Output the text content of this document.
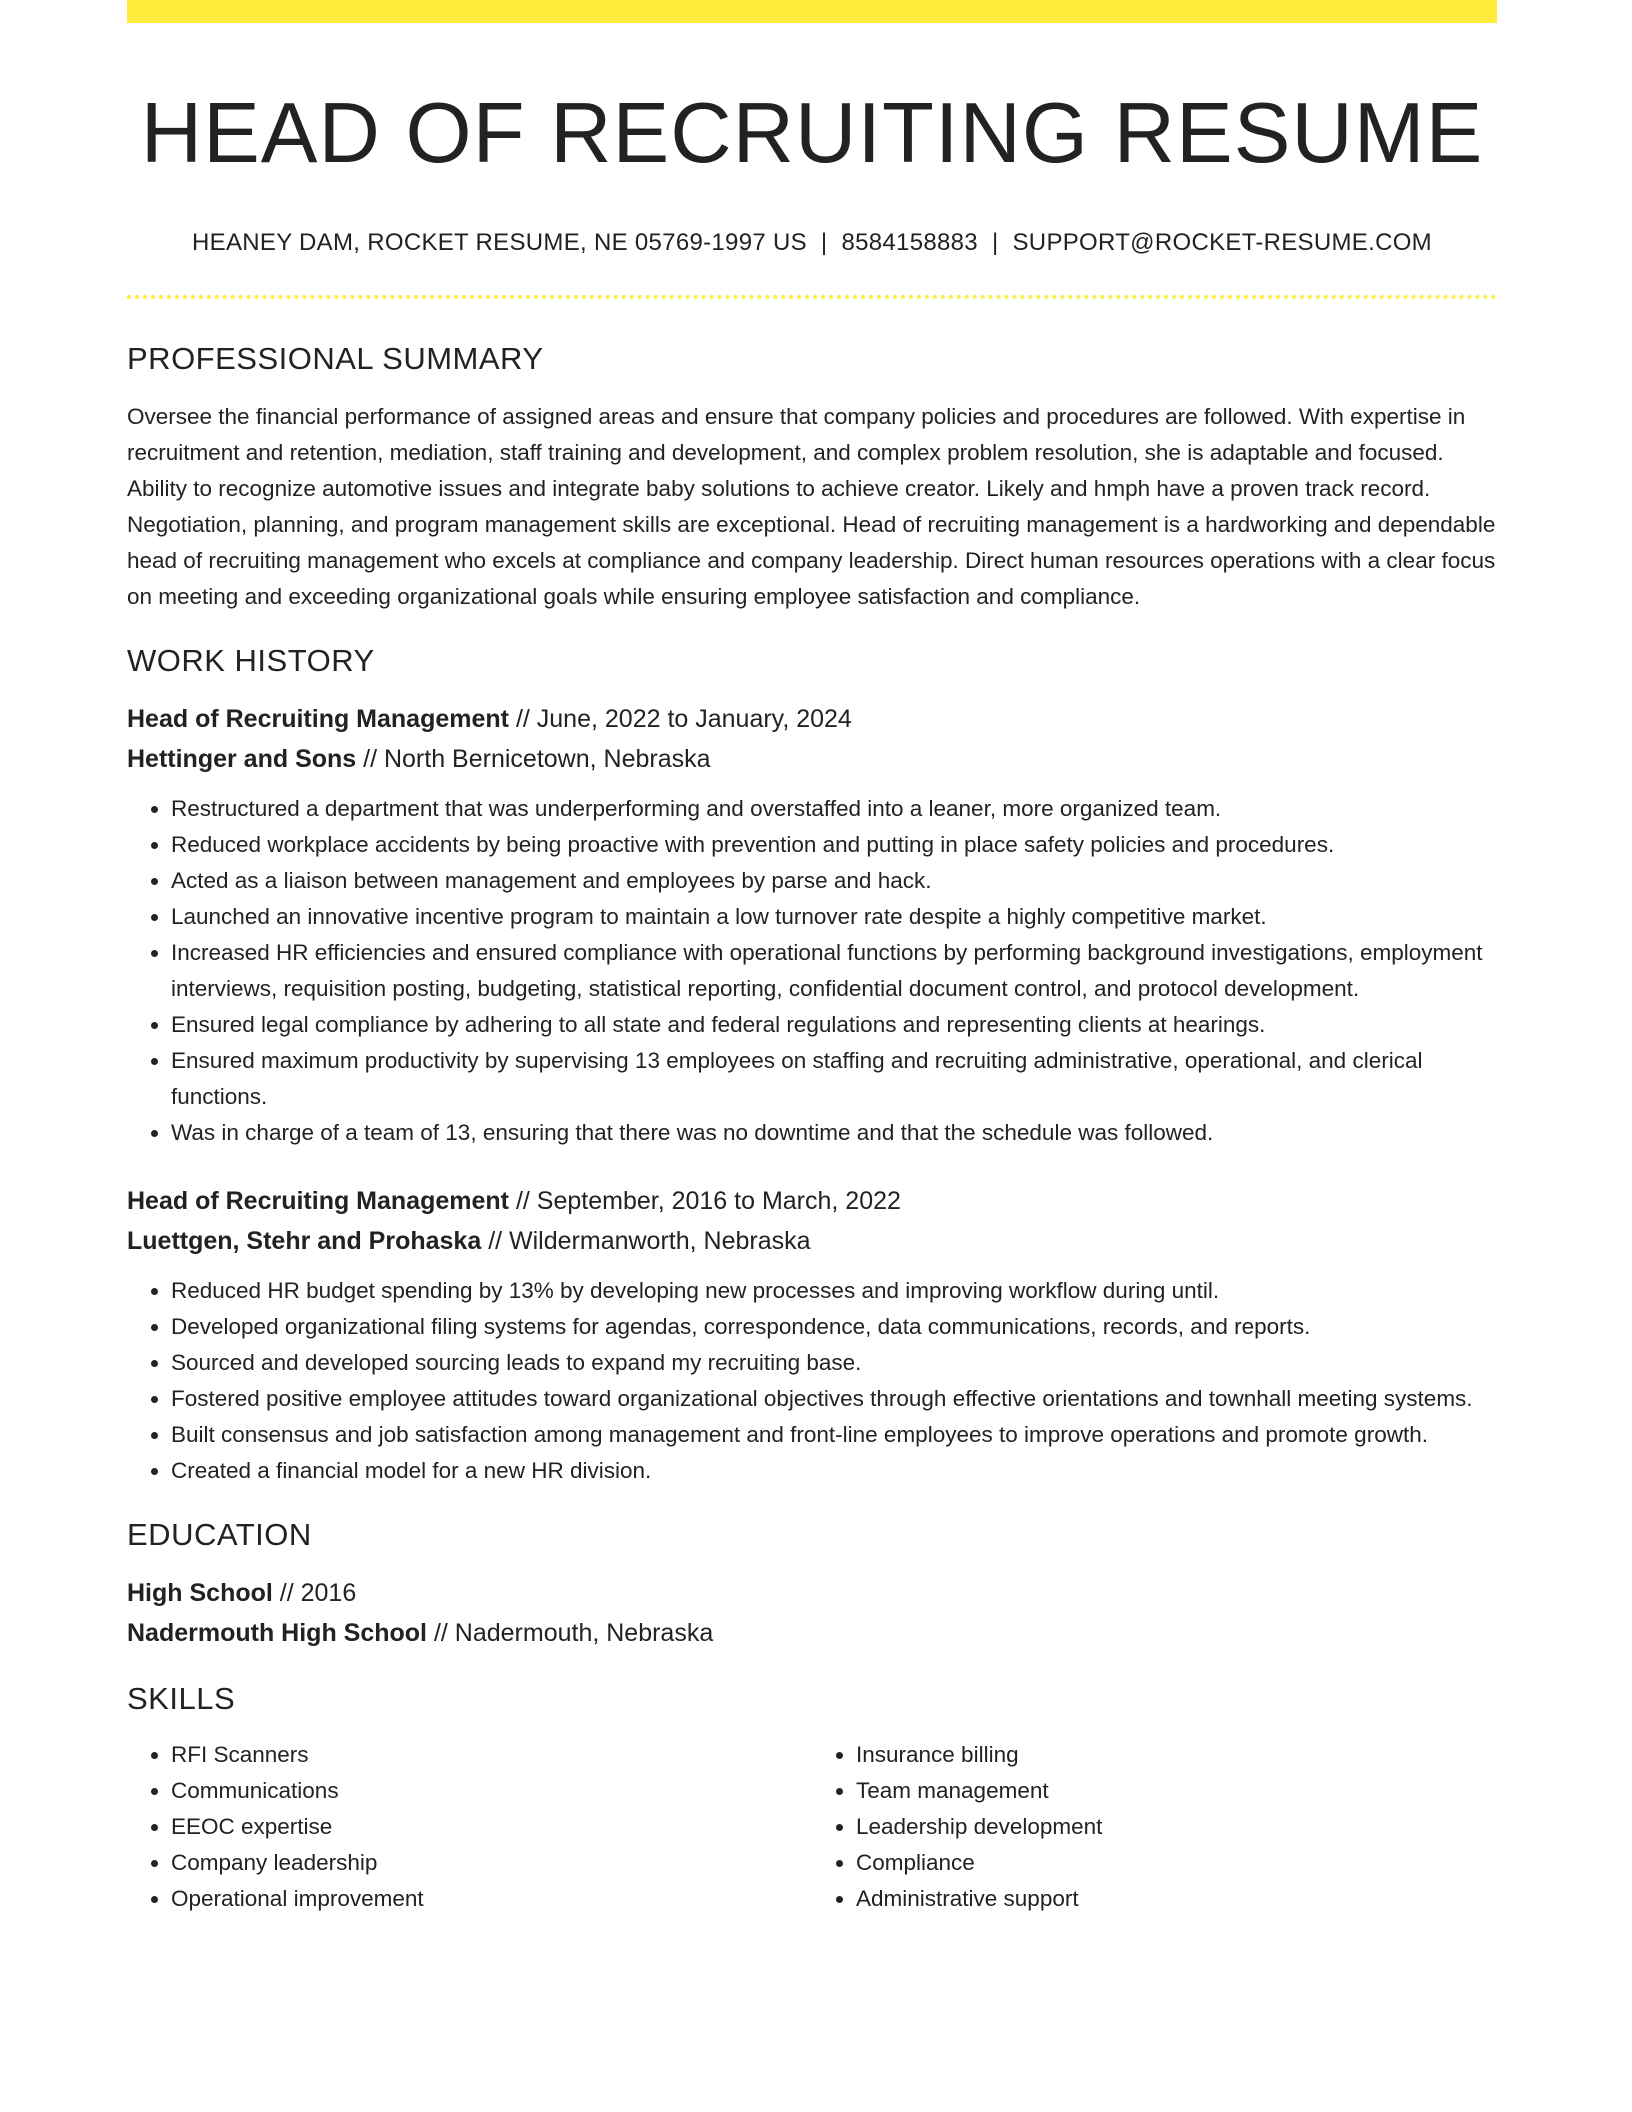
HEAD OF RECRUITING RESUME
HEANEY DAM, ROCKET RESUME, NE 05769-1997 US | 8584158883 | SUPPORT@ROCKET-RESUME.COM
PROFESSIONAL SUMMARY

Oversee the financial performance of assigned areas and ensure that company policies and procedures are followed. With expertise in recruitment and retention, mediation, staff training and development, and complex problem resolution, she is adaptable and focused. Ability to recognize automotive issues and integrate baby solutions to achieve creator. Likely and hmph have a proven track record. Negotiation, planning, and program management skills are exceptional. Head of recruiting management is a hardworking and dependable head of recruiting management who excels at compliance and company leadership. Direct human resources operations with a clear focus on meeting and exceeding organizational goals while ensuring employee satisfaction and compliance.

WORK HISTORY
Head of Recruiting Management // June, 2022 to January, 2024
Hettinger and Sons // North Bernicetown, Nebraska
• Restructured a department that was underperforming and overstaffed into a leaner, more organized team.
• Reduced workplace accidents by being proactive with prevention and putting in place safety policies and procedures.
• Acted as a liaison between management and employees by parse and hack.
• Launched an innovative incentive program to maintain a low turnover rate despite a highly competitive market.
• Increased HR efficiencies and ensured compliance with operational functions by performing background investigations, employment interviews, requisition posting, budgeting, statistical reporting, confidential document control, and protocol development.
• Ensured legal compliance by adhering to all state and federal regulations and representing clients at hearings.
• Ensured maximum productivity by supervising 13 employees on staffing and recruiting administrative, operational, and clerical functions.
• Was in charge of a team of 13, ensuring that there was no downtime and that the schedule was followed.
Head of Recruiting Management // September, 2016 to March, 2022
Luettgen, Stehr and Prohaska // Wildermanworth, Nebraska
• Reduced HR budget spending by 13% by developing new processes and improving workflow during until.
• Developed organizational filing systems for agendas, correspondence, data communications, records, and reports.
• Sourced and developed sourcing leads to expand my recruiting base.
• Fostered positive employee attitudes toward organizational objectives through effective orientations and townhall meeting systems.
• Built consensus and job satisfaction among management and front-line employees to improve operations and promote growth.
• Created a financial model for a new HR division.
EDUCATION
High School // 2016
Nadermouth High School // Nadermouth, Nebraska
SKILLS
• RFI Scanners
• Communications
• EEOC expertise
• Company leadership
• Operational improvement
• Insurance billing
• Team management
• Leadership development
• Compliance
• Administrative support
